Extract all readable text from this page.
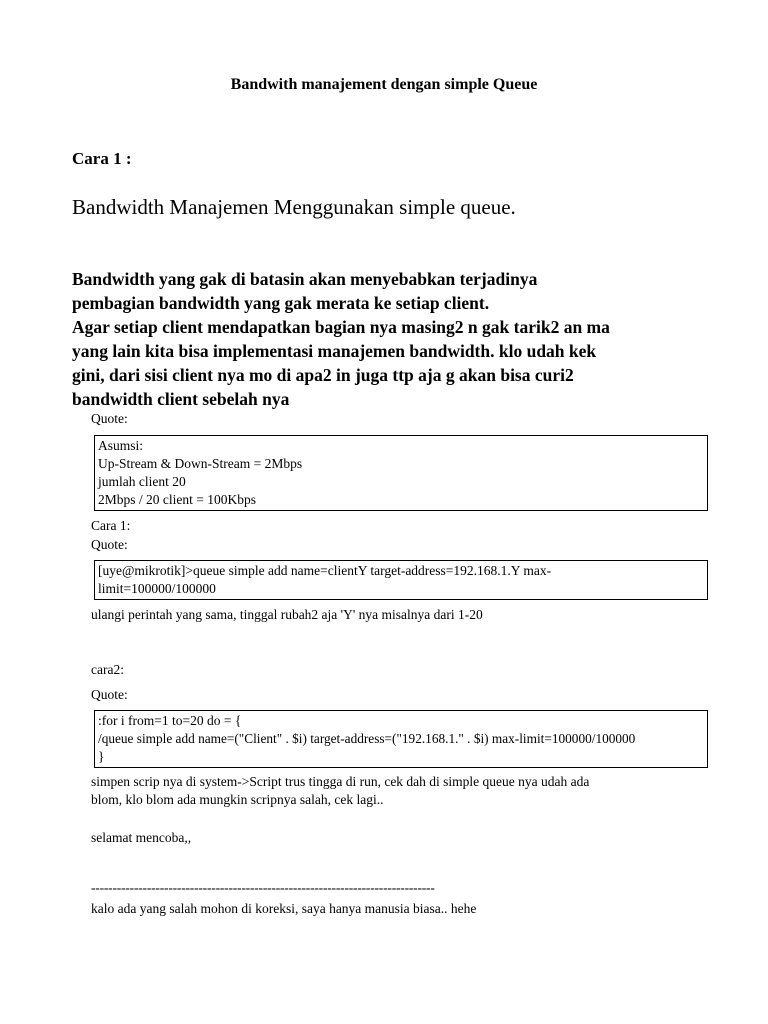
Bandwith manajement dengan simple Queue
Cara 1 :
Bandwidth Manajemen Menggunakan simple queue.
Bandwidth yang gak di batasin akan menyebabkan terjadinya
pembagian bandwidth yang gak merata ke setiap client.
Agar setiap client mendapatkan bagian nya masing2 n gak tarik2 an ma
yang lain kita bisa implementasi manajemen bandwidth. klo udah kek
gini, dari sisi client nya mo di apa2 in juga ttp aja g akan bisa curi2
bandwidth client sebelah nya
Quote:
Asumsi:
Up-Stream & Down-Stream = 2Mbps
jumlah client 20
2Mbps / 20 client = 100Kbps
Cara 1:
Quote:
[uye@mikrotik]>queue simple add name=clientY target-address=192.168.1.Y max-
limit=100000/100000
ulangi perintah yang sama, tinggal rubah2 aja 'Y' nya misalnya dari 1-20
cara2:
Quote:
:for i from=1 to=20 do = {
/queue simple add name=("Client" . $i) target-address=("192.168.1." . $i) max-limit=100000/100000
}
simpen scrip nya di system->Script trus tingga di run, cek dah di simple queue nya udah ada
blom, klo blom ada mungkin scripnya salah, cek lagi..
selamat mencoba,,
--------------------------------------------------------------------------------
kalo ada yang salah mohon di koreksi, saya hanya manusia biasa.. hehe
